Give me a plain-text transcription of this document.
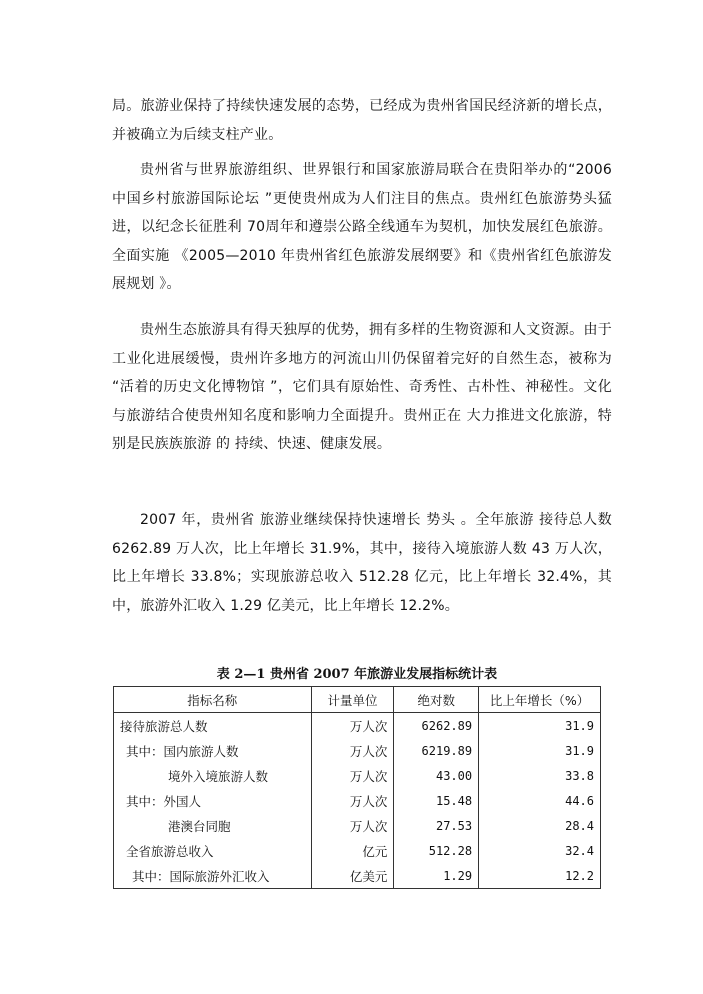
局。旅游业保持了持续快速发展的态势，已经成为贵州省国民经济新的增长点，并被确立为后续支柱产业。

贵州省与世界旅游组织、世界银行和国家旅游局联合在贵阳举办的“2006 中国乡村旅游国际论坛 ”更使贵州成为人们注目的焦点。贵州红色旅游势头猛进，以纪念长征胜利 70周年和遵崇公路全线通车为契机，加快发展红色旅游。全面实施 《2005—2010 年贵州省红色旅游发展纲要》和《贵州省红色旅游发展规划 》。

贵州生态旅游具有得天独厚的优势，拥有多样的生物资源和人文资源。由于工业化进展缓慢，贵州许多地方的河流山川仍保留着完好的自然生态，被称为 “活着的历史文化博物馆 ”，它们具有原始性、奇秀性、古朴性、神秘性。文化与旅游结合使贵州知名度和影响力全面提升。贵州正在 大力推进文化旅游，特别是民族族旅游 的 持续、快速、健康发展。

2007 年，贵州省 旅游业继续保持快速增长 势头 。全年旅游 接待总人数 6262.89 万人次，比上年增长 31.9%，其中，接待入境旅游人数 43 万人次，比上年增长 33.8%；实现旅游总收入 512.28 亿元，比上年增长 32.4%，其中，旅游外汇收入 1.29 亿美元，比上年增长 12.2%。

表 2—1 贵州省 2007 年旅游业发展指标统计表

指标名称	计量单位	绝对数	比上年增长（%）
接待旅游总人数	万人次	6262.89	31.9
其中：国内旅游人数	万人次	6219.89	31.9
境外入境旅游人数	万人次	43.00	33.8
其中：外国人	万人次	15.48	44.6
港澳台同胞	万人次	27.53	28.4
全省旅游总收入	亿元	512.28	32.4
其中：国际旅游外汇收入	亿美元	1.29	12.2
